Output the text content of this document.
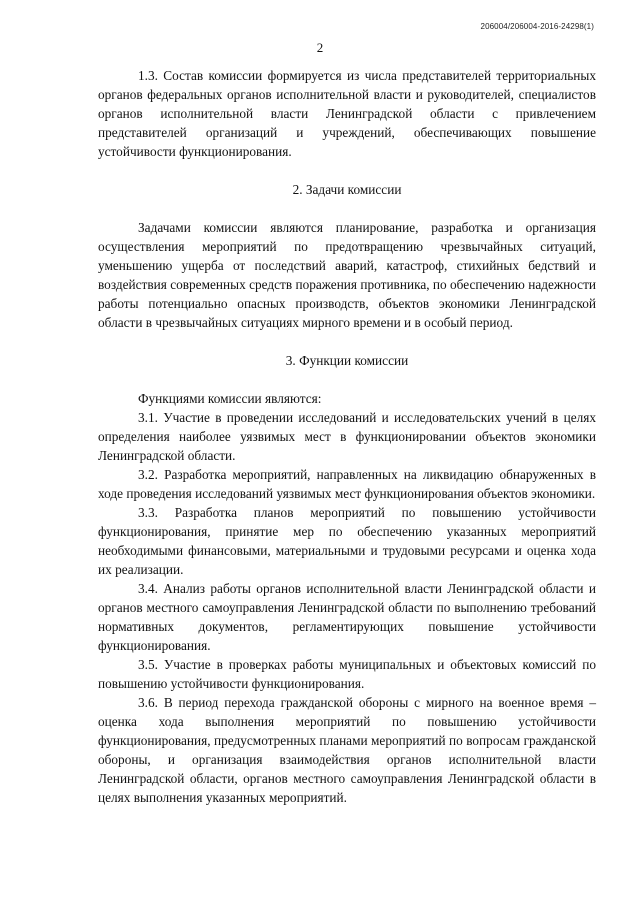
206004/206004-2016-24298(1)
2

1.3. Состав комиссии формируется из числа представителей территориальных органов федеральных органов исполнительной власти и руководителей, специалистов органов исполнительной власти Ленинградской области с привлечением представителей организаций и учреждений, обеспечивающих повышение устойчивости функционирования.

2. Задачи комиссии

Задачами комиссии являются планирование, разработка и организация осуществления мероприятий по предотвращению чрезвычайных ситуаций, уменьшению ущерба от последствий аварий, катастроф, стихийных бедствий и воздействия современных средств поражения противника, по обеспечению надежности работы потенциально опасных производств, объектов экономики Ленинградской области в чрезвычайных ситуациях мирного времени и в особый период.

3. Функции комиссии

Функциями комиссии являются:

3.1. Участие в проведении исследований и исследовательских учений в целях определения наиболее уязвимых мест в функционировании объектов экономики Ленинградской области.

3.2. Разработка мероприятий, направленных на ликвидацию обнаруженных в ходе проведения исследований уязвимых мест функционирования объектов экономики.

3.3. Разработка планов мероприятий по повышению устойчивости функционирования, принятие мер по обеспечению указанных мероприятий необходимыми финансовыми, материальными и трудовыми ресурсами и оценка хода их реализации.

3.4. Анализ работы органов исполнительной власти Ленинградской области и органов местного самоуправления Ленинградской области по выполнению требований нормативных документов, регламентирующих повышение устойчивости функционирования.

3.5. Участие в проверках работы муниципальных и объектовых комиссий по повышению устойчивости функционирования.

3.6. В период перехода гражданской обороны с мирного на военное время – оценка хода выполнения мероприятий по повышению устойчивости функционирования, предусмотренных планами мероприятий по вопросам гражданской обороны, и организация взаимодействия органов исполнительной власти Ленинградской области, органов местного самоуправления Ленинградской области в целях выполнения указанных мероприятий.
